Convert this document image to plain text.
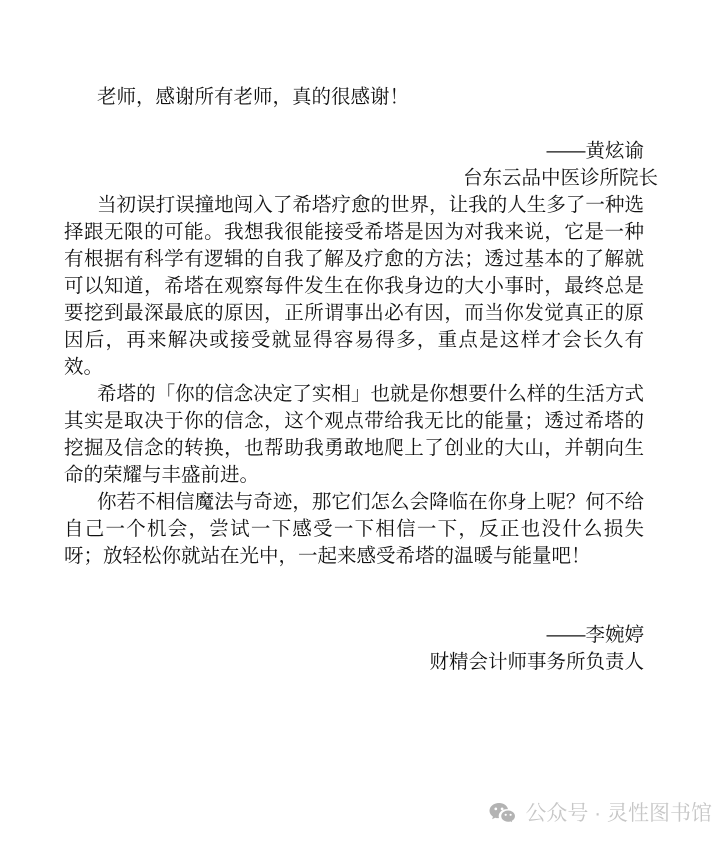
老师，感谢所有老师，真的很感谢！

——黄炫谕
台东云品中医诊所院长

当初误打误撞地闯入了希塔疗愈的世界，让我的人生多了一种选择跟无限的可能。我想我很能接受希塔是因为对我来说，它是一种有根据有科学有逻辑的自我了解及疗愈的方法；透过基本的了解就可以知道，希塔在观察每件发生在你我身边的大小事时，最终总是要挖到最深最底的原因，正所谓事出必有因，而当你发觉真正的原因后，再来解决或接受就显得容易得多，重点是这样才会长久有效。

希塔的「你的信念决定了实相」也就是你想要什么样的生活方式其实是取决于你的信念，这个观点带给我无比的能量；透过希塔的挖掘及信念的转换，也帮助我勇敢地爬上了创业的大山，并朝向生命的荣耀与丰盛前进。

你若不相信魔法与奇迹，那它们怎么会降临在你身上呢？何不给自己一个机会，尝试一下感受一下相信一下，反正也没什么损失呀；放轻松你就站在光中，一起来感受希塔的温暖与能量吧！

——李婉婷
财精会计师事务所负责人
公众号 · 灵性图书馆
